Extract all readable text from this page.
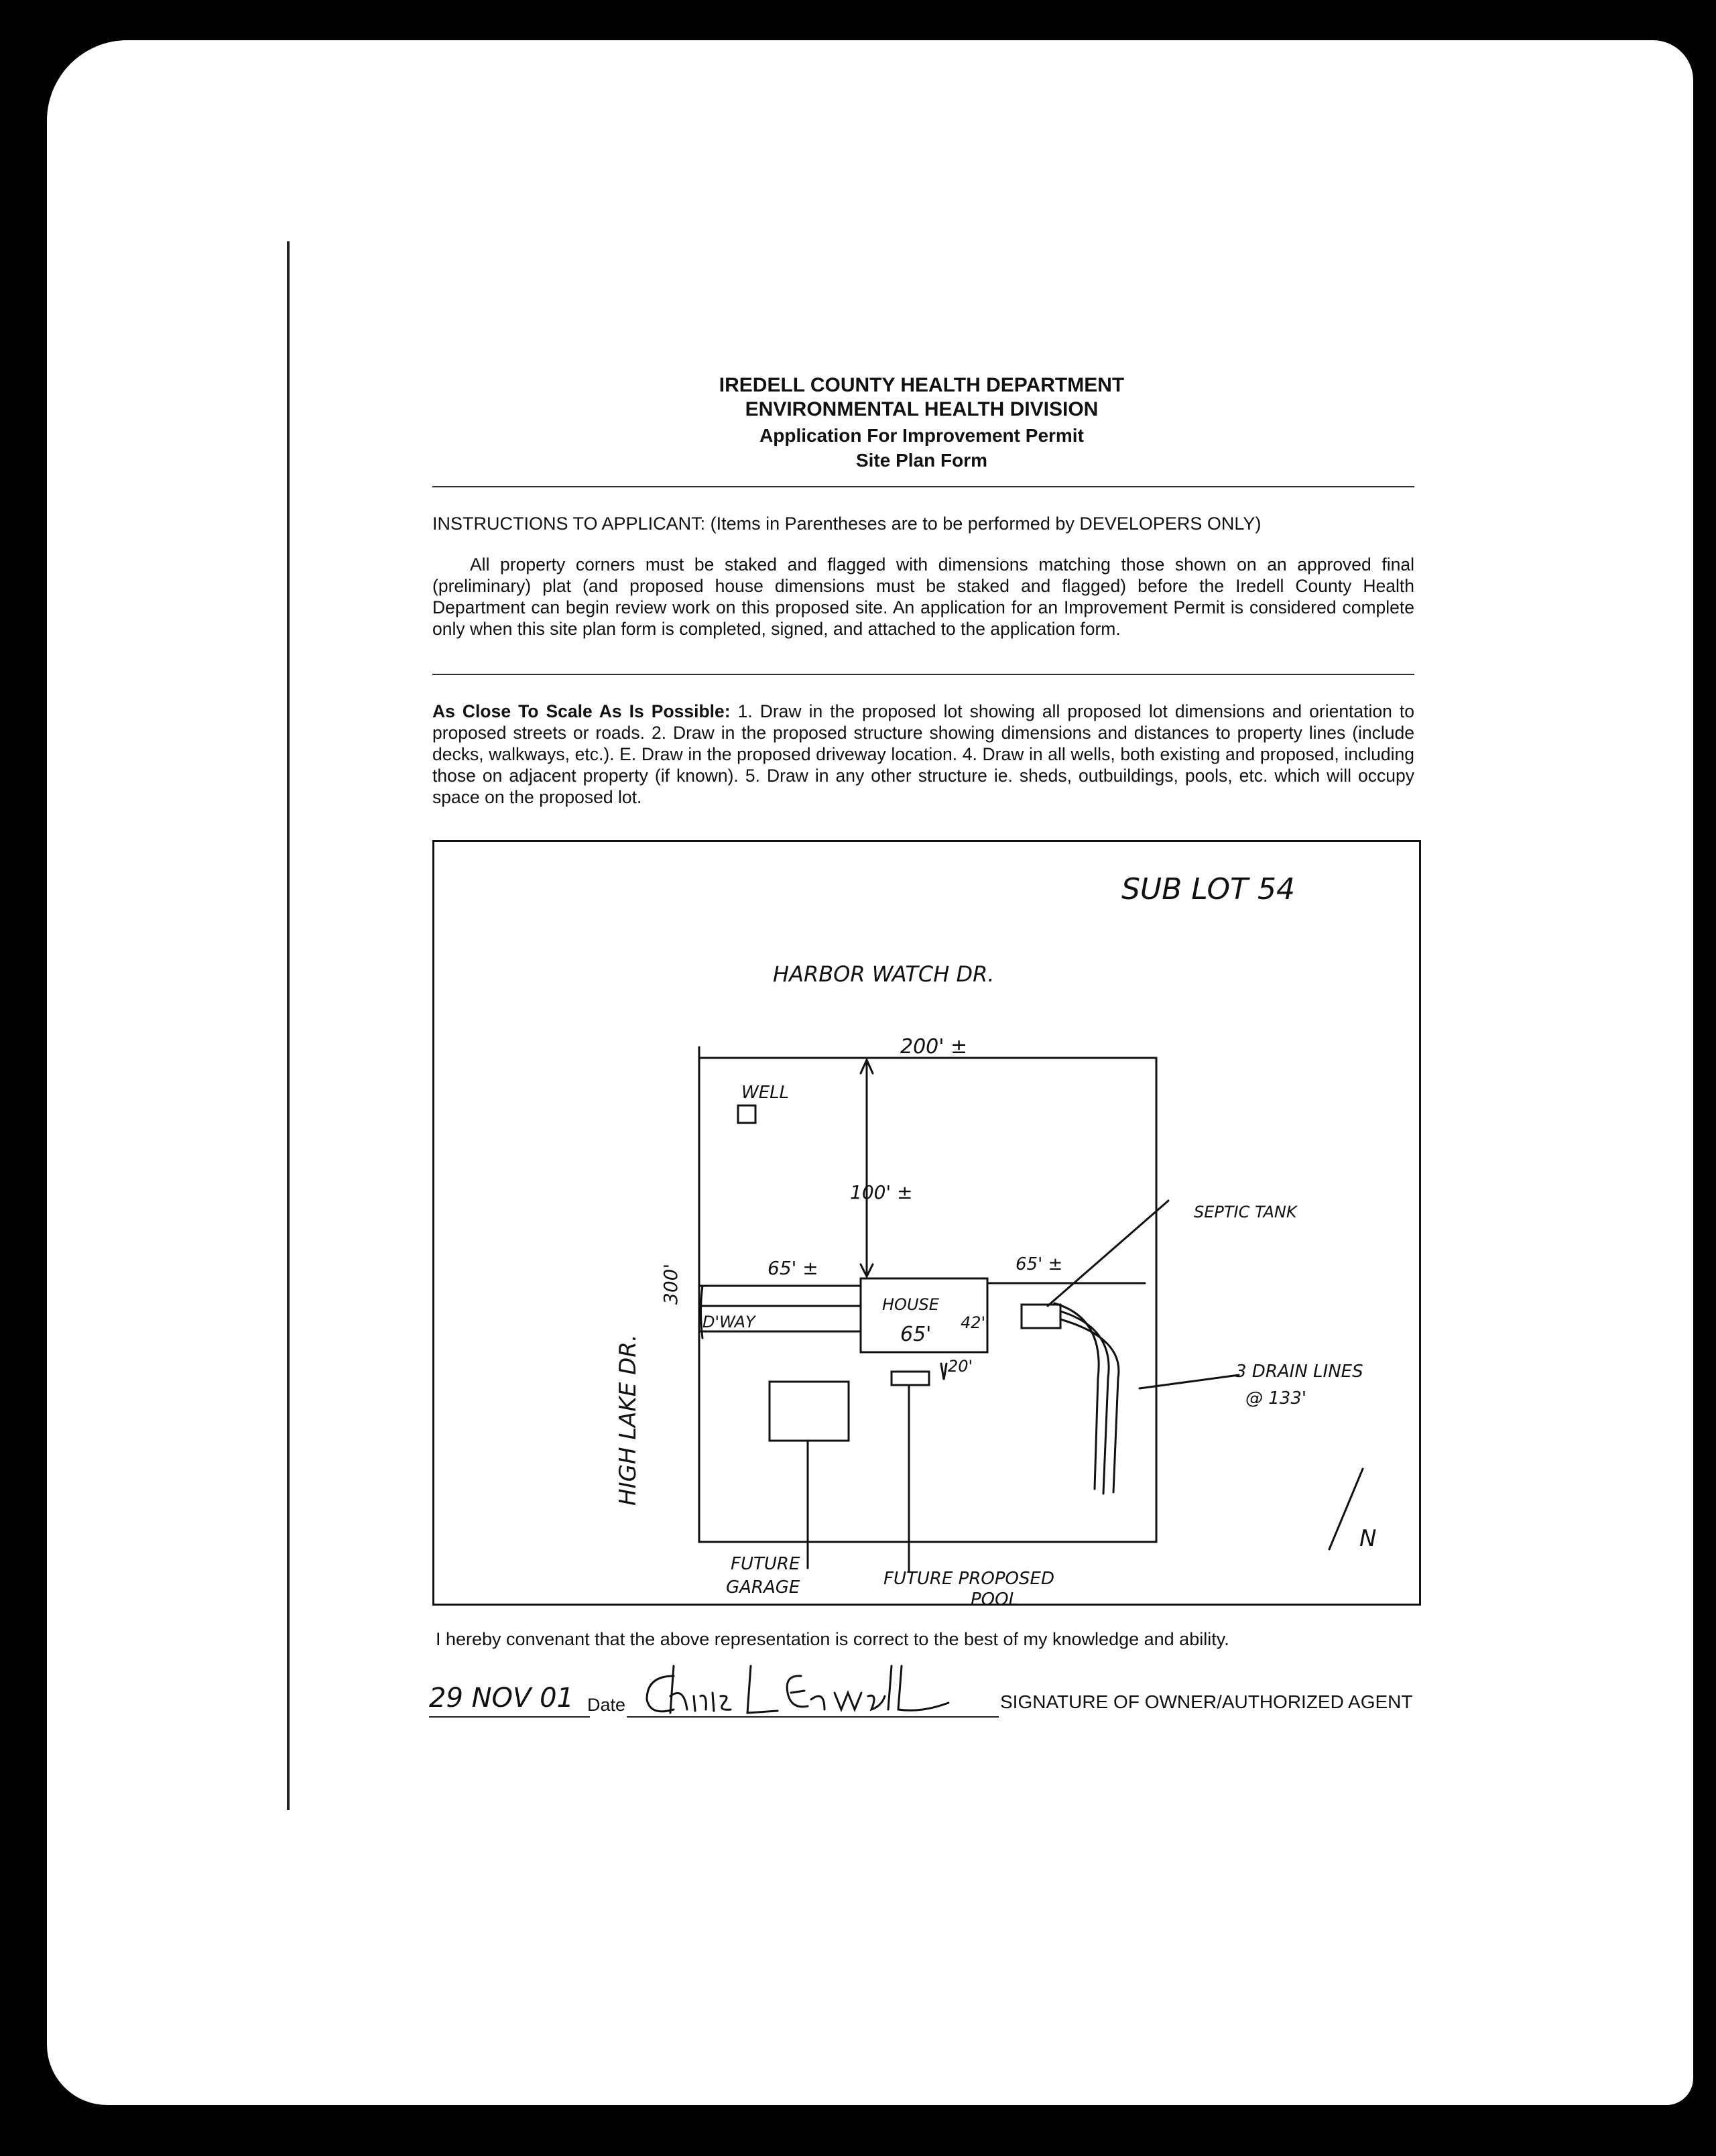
IREDELL COUNTY HEALTH DEPARTMENT
ENVIRONMENTAL HEALTH DIVISION
Application For Improvement Permit
Site Plan Form
INSTRUCTIONS TO APPLICANT: (Items in Parentheses are to be performed by DEVELOPERS ONLY)
All property corners must be staked and flagged with dimensions matching those shown on an approved final (preliminary) plat (and proposed house dimensions must be staked and flagged) before the Iredell County Health Department can begin review work on this proposed site. An application for an Improvement Permit is considered complete only when this site plan form is completed, signed, and attached to the application form.
As Close To Scale As Is Possible: 1. Draw in the proposed lot showing all proposed lot dimensions and orientation to proposed streets or roads. 2. Draw in the proposed structure showing dimensions and distances to property lines (include decks, walkways, etc.). E. Draw in the proposed driveway location. 4. Draw in all wells, both existing and proposed, including those on adjacent property (if known). 5. Draw in any other structure ie. sheds, outbuildings, pools, etc. which will occupy space on the proposed lot.
SUB LOT 54
HARBOR WATCH DR.
200' ±
WELL
100' ±
65' ±	65' ±
HOUSE
65' 42'
D'WAY
20'
SEPTIC TANK
3 DRAIN LINES
@ 133'
N
FUTURE
GARAGE	FUTURE PROPOSED
POOL
300'
HIGH LAKE DR.
I hereby convenant that the above representation is correct to the best of my knowledge and ability.
29 NOV 01 Date	SIGNATURE OF OWNER/AUTHORIZED AGENT
